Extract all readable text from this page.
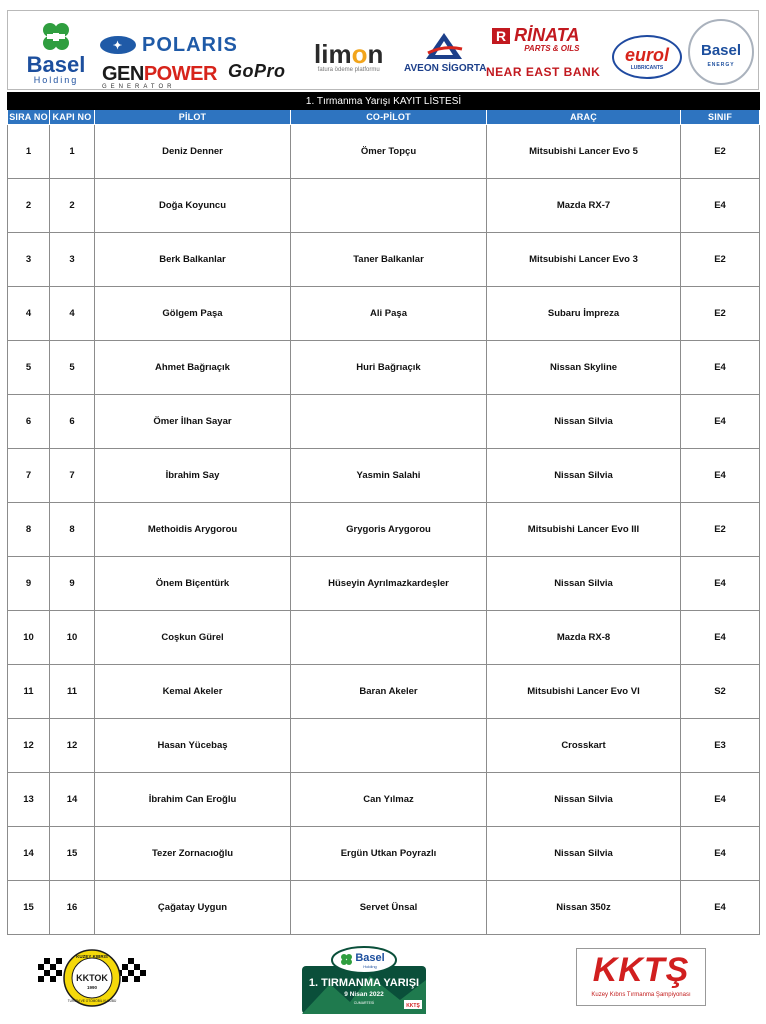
Basel
Holding
✦ POLARIS
GENPOWER
GENERATOR
GoPro
limon
fatura ödeme platformu	AVEON SİGORTA
R RİNATA
PARTS & OILS
NEAR EAST BANK
eurol
LUBRICANTS
Basel
ENERGY
1. Tırmanma Yarışı KAYIT LİSTESİ					
SIRA NO	KAPI NO	PİLOT	CO-PİLOT	ARAÇ	SINIF
1	1	Deniz Denner	Ömer Topçu	Mitsubishi Lancer Evo 5	E2
2	2	Doğa Koyuncu		Mazda RX-7	E4
3	3	Berk Balkanlar	Taner Balkanlar	Mitsubishi Lancer Evo 3	E2
4	4	Gölgem Paşa	Ali Paşa	Subaru İmpreza	E2
5	5	Ahmet Bağrıaçık	Huri Bağrıaçık	Nissan Skyline	E4
6	6	Ömer İlhan Sayar		Nissan Silvia	E4
7	7	İbrahim Say	Yasmin Salahi	Nissan Silvia	E4
8	8	Methoidis Arygorou	Grygoris Arygorou	Mitsubishi Lancer Evo III	E2
9	9	Önem Biçentürk	Hüseyin Ayrılmazkardeşler	Nissan Silvia	E4
10	10	Coşkun Gürel		Mazda RX-8	E4
11	11	Kemal Akeler	Baran Akeler	Mitsubishi Lancer Evo VI	S2
12	12	Hasan Yücebaş		Crosskart	E3
13	14	İbrahim Can Eroğlu	Can Yılmaz	Nissan Silvia	E4
14	15	Tezer Zornacıoğlu	Ergün Utkan Poyrazlı	Nissan Silvia	E4
15	16	Çağatay Uygun	Servet Ünsal	Nissan 350z	E4
KUZEY KIBRIS
KKTOK
1990
TURİZM VE OTOMOBİL KULÜBÜ
Basel
Holding
1. TIRMANMA YARIŞI
9 Nisan 2022
CUMARTESİ	KKTŞ
KKTŞ
Kuzey Kıbrıs Tırmanma Şampiyonası
